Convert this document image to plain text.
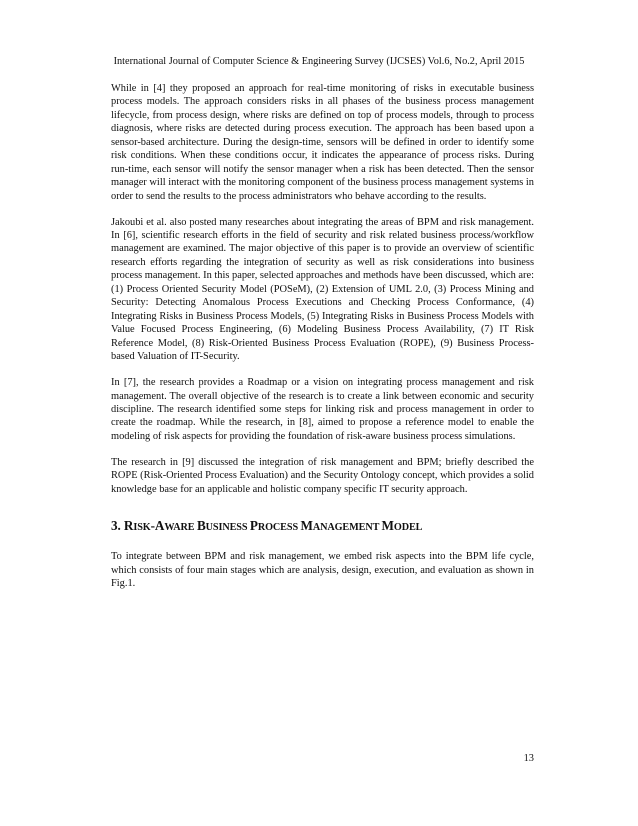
International Journal of Computer Science & Engineering Survey (IJCSES) Vol.6, No.2, April 2015

While in [4] they proposed an approach for real-time monitoring of risks in executable business process models. The approach considers risks in all phases of the business process management lifecycle, from process design, where risks are defined on top of process models, through to process diagnosis, where risks are detected during process execution. The approach has been based upon a sensor-based architecture. During the design-time, sensors will be defined in order to identify some risk conditions. When these conditions occur, it indicates the appearance of process risks. During run-time, each sensor will notify the sensor manager when a risk has been detected. Then the sensor manager will interact with the monitoring component of the business process management systems in order to send the results to the process administrators who behave according to the results.

Jakoubi et al. also posted many researches about integrating the areas of BPM and risk management. In [6], scientific research efforts in the field of security and risk related business process/workflow management are examined. The major objective of this paper is to provide an overview of scientific research efforts regarding the integration of security as well as risk considerations into business process management. In this paper, selected approaches and methods have been discussed, which are: (1) Process Oriented Security Model (POSeM), (2) Extension of UML 2.0, (3) Process Mining and Security: Detecting Anomalous Process Executions and Checking Process Conformance, (4) Integrating Risks in Business Process Models, (5) Integrating Risks in Business Process Models with Value Focused Process Engineering, (6) Modeling Business Process Availability, (7) IT Risk Reference Model, (8) Risk-Oriented Business Process Evaluation (ROPE), (9) Business Process-based Valuation of IT-Security.

In [7], the research provides a Roadmap or a vision on integrating process management and risk management. The overall objective of the research is to create a link between economic and security discipline. The research identified some steps for linking risk and process management in order to create the roadmap. While the research, in [8], aimed to propose a reference model to enable the modeling of risk aspects for providing the foundation of risk-aware business process simulations.

The research in [9] discussed the integration of risk management and BPM; briefly described the ROPE (Risk-Oriented Process Evaluation) and the Security Ontology concept, which provides a solid knowledge base for an applicable and holistic company specific IT security approach.

3. RISK-AWARE BUSINESS PROCESS MANAGEMENT MODEL

To integrate between BPM and risk management, we embed risk aspects into the BPM life cycle, which consists of four main stages which are analysis, design, execution, and evaluation as shown in Fig.1.

13
